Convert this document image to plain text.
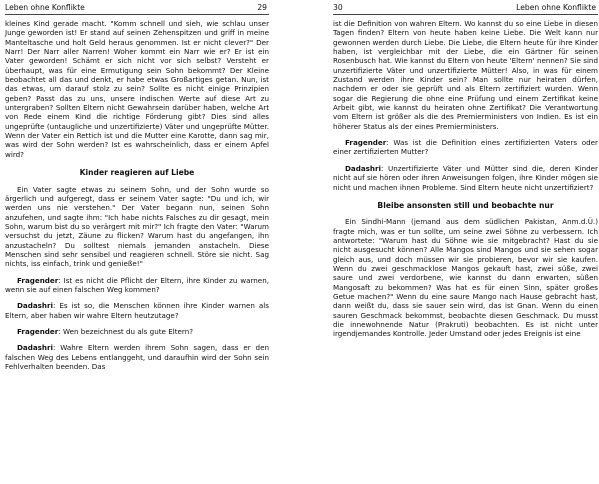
Leben ohne Konflikte	29

kleines Kind gerade macht. "Komm schnell und sieh, wie schlau unser Junge geworden ist! Er stand auf seinen Zehenspitzen und griff in meine Manteltasche und holt Geld heraus genommen. Ist er nicht clever?" Der Narr! Der Narr aller Narren! Woher kommt ein Narr wie er? Er ist ein Vater geworden! Schämt er sich nicht vor sich selbst? Versteht er überhaupt, was für eine Ermutigung sein Sohn bekommt? Der Kleine beobachtet all das und denkt, er habe etwas Großartiges getan. Nun, ist das etwas, um darauf stolz zu sein? Sollte es nicht einige Prinzipien geben? Passt das zu uns, unsere indischen Werte auf diese Art zu untergraben? Sollten Eltern nicht Gewahrsein darüber haben, welche Art von Rede einem Kind die richtige Förderung gibt? Dies sind alles ungeprüfte (untaugliche und unzertifizierte) Väter und ungeprüfte Mütter. Wenn der Vater ein Rettich ist und die Mutter eine Karotte, dann sag mir, was wird der Sohn werden? Ist es wahrscheinlich, dass er einem Apfel wird?

Kinder reagieren auf Liebe

Ein Vater sagte etwas zu seinem Sohn, und der Sohn wurde so ärgerlich und aufgeregt, dass er seinem Vater sagte: "Du und ich, wir werden uns nie verstehen." Der Vater begann nun, seinen Sohn anzufehen, und sagte ihm: "Ich habe nichts Falsches zu dir gesagt, mein Sohn, warum bist du so verärgert mit mir?" Ich fragte den Vater: "Warum versuchst du jetzt, Zäune zu flicken? Warum hast du angefangen, ihn anzustacheln? Du solltest niemals jemanden anstacheln. Diese Menschen sind sehr sensibel und reagieren schnell. Störe sie nicht. Sag nichts, iss einfach, trink und genieße!"

Fragender: Ist es nicht die Pflicht der Eltern, ihre Kinder zu warnen, wenn sie auf einen falschen Weg kommen?

Dadashri: Es ist so, die Menschen können ihre Kinder warnen als Eltern, aber haben wir wahre Eltern heutzutage?

Fragender: Wen bezeichnest du als gute Eltern?

Dadashri: Wahre Eltern werden ihrem Sohn sagen, dass er den falschen Weg des Lebens entlanggeht, und daraufhin wird der Sohn sein Fehlverhalten beenden. Das

30	Leben ohne Konflikte

ist die Definition von wahren Eltern. Wo kannst du so eine Liebe in diesen Tagen finden? Eltern von heute haben keine Liebe. Die Welt kann nur gewonnen werden durch Liebe. Die Liebe, die Eltern heute für ihre Kinder haben, ist vergleichbar mit der Liebe, die ein Gärtner für seinen Rosenbusch hat. Wie kannst du Eltern von heute 'Eltern' nennen? Sie sind unzertifizierte Väter und unzertifizierte Mütter! Also, in was für einem Zustand werden ihre Kinder sein? Man sollte nur heiraten dürfen, nachdem er oder sie geprüft und als Eltern zertifiziert wurden. Wenn sogar die Regierung die ohne eine Prüfung und einem Zertifikat keine Arbeit gibt, wie kannst du heiraten ohne Zertifikat? Die Verantwortung vom Eltern ist größer als die des Premierministers von Indien. Es ist ein höherer Status als der eines Premierministers.

Fragender: Was ist die Definition eines zertifizierten Vaters oder einer zertifizierten Mutter?

Dadashri: Unzertifizierte Väter und Mütter sind die, deren Kinder nicht auf sie hören oder ihren Anweisungen folgen, ihre Kinder mögen sie nicht und machen ihnen Probleme. Sind Eltern heute nicht unzertifiziert?

Bleibe ansonsten still und beobachte nur

Ein Sindhi-Mann (jemand aus dem südlichen Pakistan, Anm.d.Ü.) fragte mich, was er tun sollte, um seine zwei Söhne zu verbessern. Ich antwortete: "Warum hast du Söhne wie sie mitgebracht? Hast du sie nicht ausgesucht können? Alle Mangos sind Mangos und sie sehen sogar gleich aus, und doch müssen wir sie probieren, bevor wir sie kaufen. Wenn du zwei geschmacklose Mangos gekauft hast, zwei süße, zwei saure und zwei verdorbene, wie kannst du dann erwarten, süßen Mangosaft zu bekommen? Was hat es für einen Sinn, später großes Getue machen?" Wenn du eine saure Mango nach Hause gebracht hast, dann weißt du, dass sie sauer sein wird, das ist Gnan. Wenn du einen sauren Geschmack bekommst, beobachte diesen Geschmack. Du musst die innewohnende Natur (Prakruti) beobachten. Es ist nicht unter irgendjemandes Kontrolle. Jeder Umstand oder jedes Ereignis ist eine
